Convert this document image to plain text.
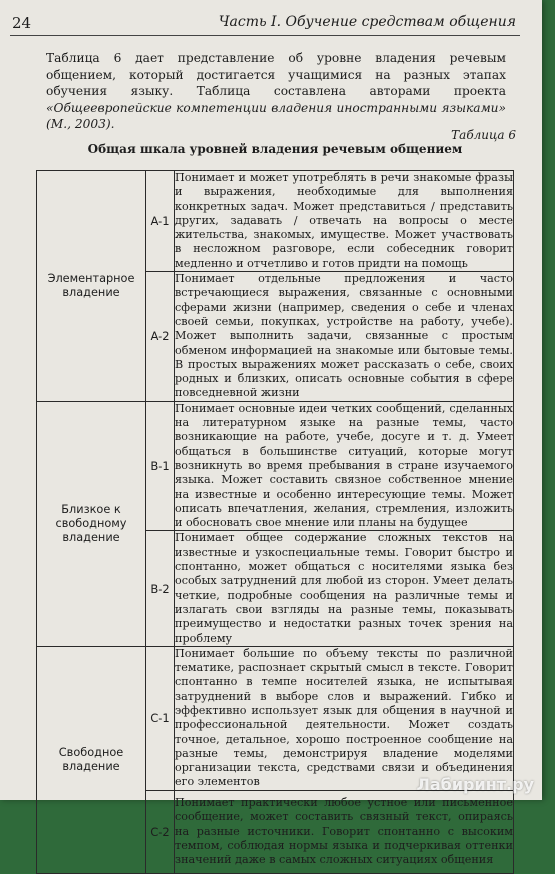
24	Часть I. Обучение средствам общения
Таблица 6 дает представление об уровне владения речевым общением, который достигается учащимися на разных этапах обучения языку. Таблица составлена авторами проекта «Общеевропейские компетенции владения иностранными языками» (М., 2003).
Таблица 6
Общая шкала уровней владения речевым общением
Элементарное владение	A-1	Понимает и может употреблять в речи знакомые фразы и выражения, необходимые для выполнения конкретных задач. Может представиться / представить других, задавать / отвечать на вопросы о месте жительства, знакомых, имуществе. Может участвовать в несложном разговоре, если собеседник говорит медленно и отчетливо и готов придти на помощь
	A-2	Понимает отдельные предложения и часто встречающиеся выражения, связанные с основными сферами жизни (например, сведения о себе и членах своей семьи, покупках, устройстве на работу, учебе). Может выполнить задачи, связанные с простым обменом информацией на знакомые или бытовые темы. В простых выражениях может рассказать о себе, своих родных и близких, описать основные события в сфере повседневной жизни
Близкое к свободному владение	B-1	Понимает основные идеи четких сообщений, сделанных на литературном языке на разные темы, часто возникающие на работе, учебе, досуге и т. д. Умеет общаться в большинстве ситуаций, которые могут возникнуть во время пребывания в стране изучаемого языка. Может составить связное собственное мнение на известные и особенно интересующие темы. Может описать впечатления, желания, стремления, изложить и обосновать свое мнение или планы на будущее
	B-2	Понимает общее содержание сложных текстов на известные и узкоспециальные темы. Говорит быстро и спонтанно, может общаться с носителями языка без особых затруднений для любой из сторон. Умеет делать четкие, подробные сообщения на различные темы и излагать свои взгляды на разные темы, показывать преимущество и недостатки разных точек зрения на проблему
Свободное владение	C-1	Понимает большие по объему тексты по различной тематике, распознает скрытый смысл в тексте. Говорит спонтанно в темпе носителей языка, не испытывая затруднений в выборе слов и выражений. Гибко и эффективно использует язык для общения в научной и профессиональной деятельности. Может создать точное, детальное, хорошо построенное сообщение на разные темы, демонстрируя владение моделями организации текста, средствами связи и объединения его элементов
	C-2	Понимает практически любое устное или письменное сообщение, может составить связный текст, опираясь на разные источники. Говорит спонтанно с высоким темпом, соблюдая нормы языка и подчеркивая оттенки значений даже в самых сложных ситуациях общения
Лабиринт.ру
